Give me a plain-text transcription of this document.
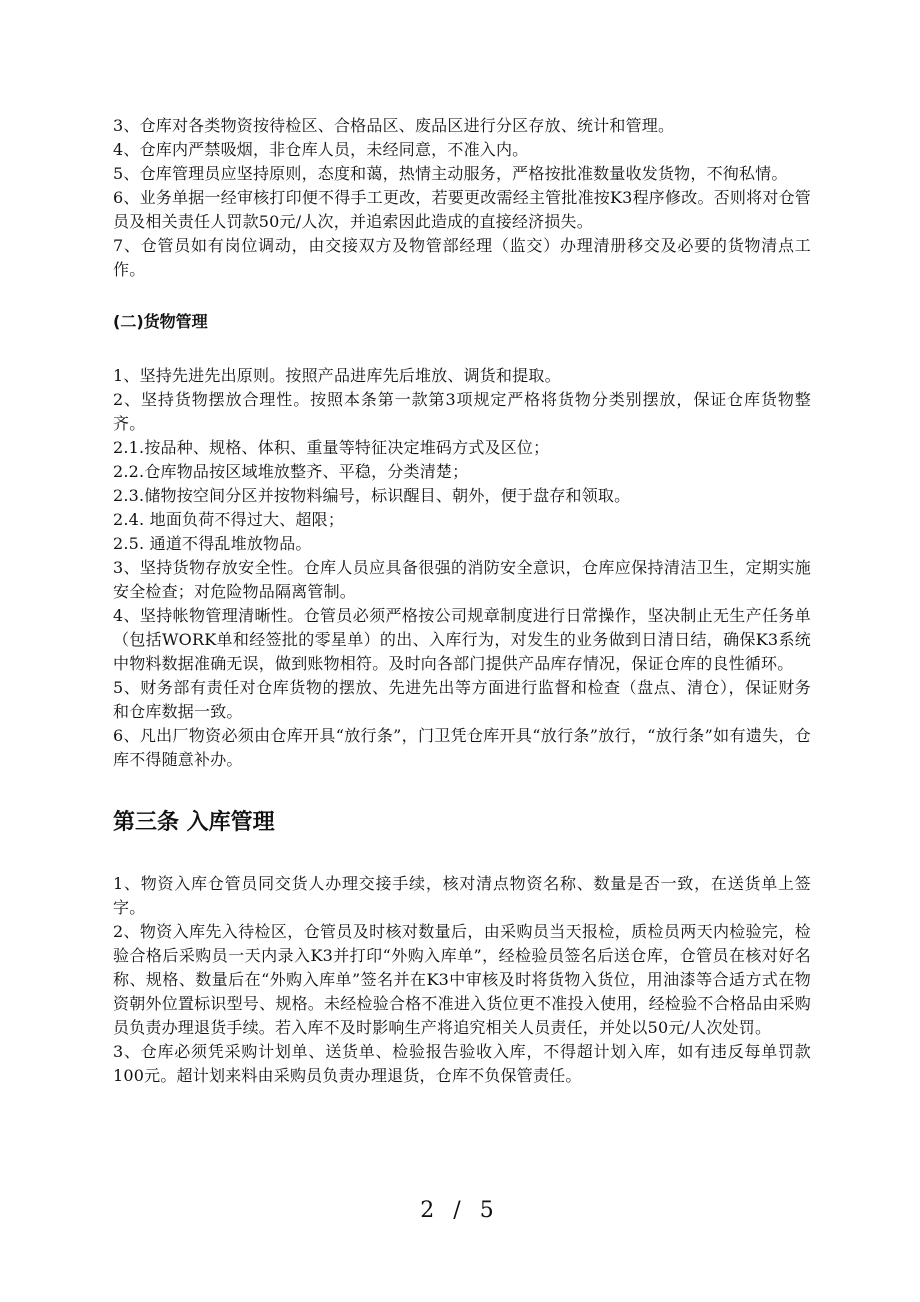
3、仓库对各类物资按待检区、合格品区、废品区进行分区存放、统计和管理。

4、仓库内严禁吸烟，非仓库人员，未经同意，不准入内。

5、仓库管理员应坚持原则，态度和蔼，热情主动服务，严格按批准数量收发货物，不徇私情。

6、业务单据一经审核打印便不得手工更改，若要更改需经主管批准按K3程序修改。否则将对仓管员及相关责任人罚款50元/人次，并追索因此造成的直接经济损失。

7、仓管员如有岗位调动，由交接双方及物管部经理（监交）办理清册移交及必要的货物清点工作。

(二)货物管理

1、坚持先进先出原则。按照产品进库先后堆放、调货和提取。

2、坚持货物摆放合理性。按照本条第一款第3项规定严格将货物分类别摆放，保证仓库货物整齐。

2.1.按品种、规格、体积、重量等特征决定堆码方式及区位；

2.2.仓库物品按区域堆放整齐、平稳，分类清楚；

2.3.储物按空间分区并按物料编号，标识醒目、朝外，便于盘存和领取。

2.4. 地面负荷不得过大、超限；

2.5. 通道不得乱堆放物品。

3、坚持货物存放安全性。仓库人员应具备很强的消防安全意识，仓库应保持清洁卫生，定期实施安全检查；对危险物品隔离管制。

4、坚持帐物管理清晰性。仓管员必须严格按公司规章制度进行日常操作，坚决制止无生产任务单（包括WORK单和经签批的零星单）的出、入库行为，对发生的业务做到日清日结，确保K3系统中物料数据准确无误，做到账物相符。及时向各部门提供产品库存情况，保证仓库的良性循环。

5、财务部有责任对仓库货物的摆放、先进先出等方面进行监督和检查（盘点、清仓），保证财务和仓库数据一致。

6、凡出厂物资必须由仓库开具“放行条”，门卫凭仓库开具“放行条”放行，“放行条”如有遗失，仓库不得随意补办。

第三条 入库管理

1、物资入库仓管员同交货人办理交接手续，核对清点物资名称、数量是否一致，在送货单上签字。

2、物资入库先入待检区，仓管员及时核对数量后，由采购员当天报检，质检员两天内检验完，检验合格后采购员一天内录入K3并打印“外购入库单”，经检验员签名后送仓库，仓管员在核对好名称、规格、数量后在“外购入库单”签名并在K3中审核及时将货物入货位，用油漆等合适方式在物资朝外位置标识型号、规格。未经检验合格不准进入货位更不准投入使用，经检验不合格品由采购员负责办理退货手续。若入库不及时影响生产将追究相关人员责任，并处以50元/人次处罚。

3、仓库必须凭采购计划单、送货单、检验报告验收入库，不得超计划入库，如有违反每单罚款100元。超计划来料由采购员负责办理退货，仓库不负保管责任。

2 / 5
